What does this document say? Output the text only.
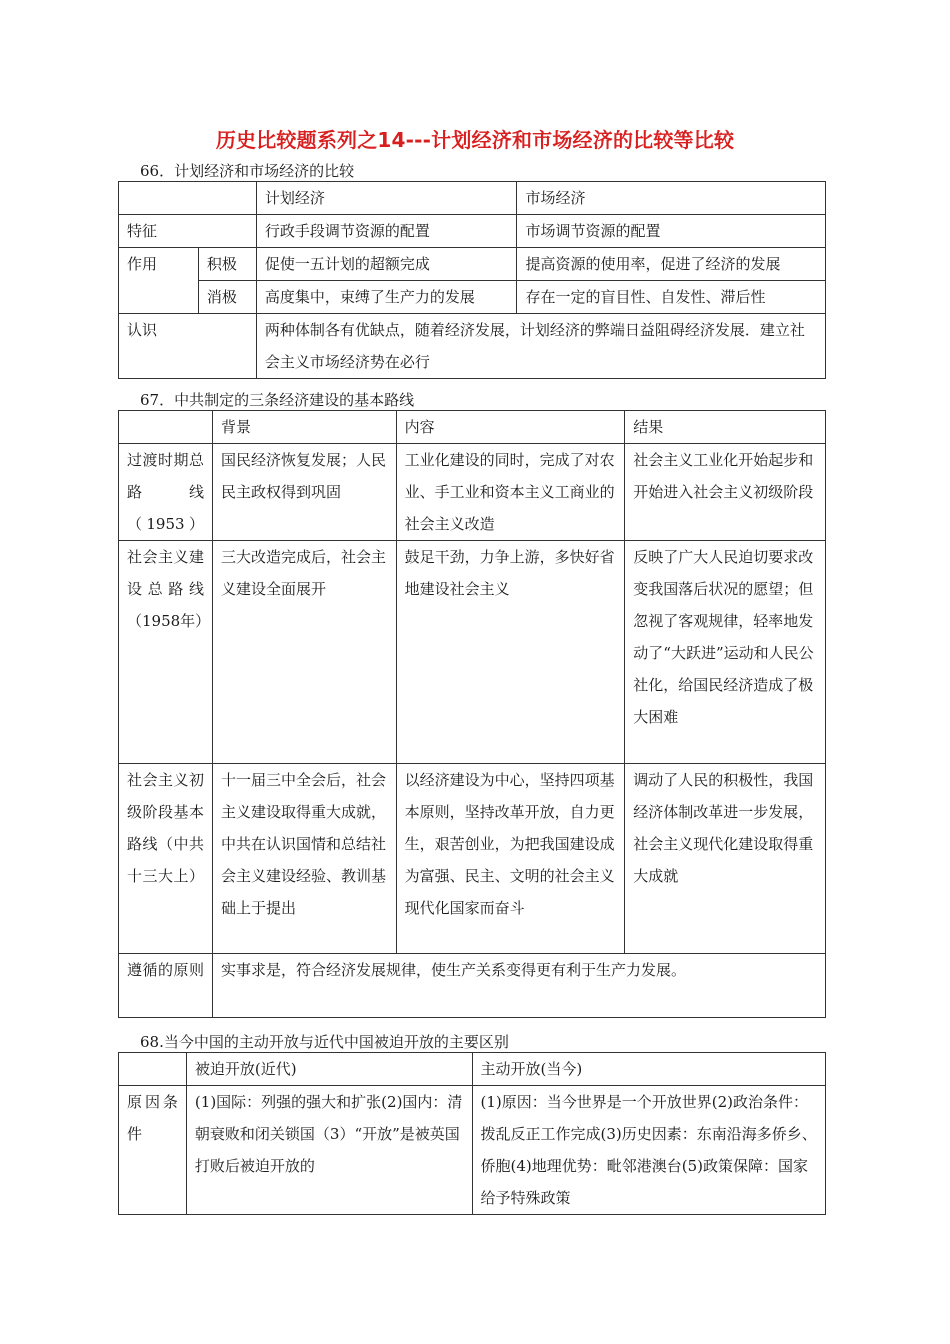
历史比较题系列之14---计划经济和市场经济的比较等比较
66．计划经济和市场经济的比较
		计划经济	市场经济
特征		行政手段调节资源的配置	市场调节资源的配置
作用	积极	促使一五计划的超额完成	提高资源的使用率，促进了经济的发展
	消极	高度集中，束缚了生产力的发展	存在一定的盲目性、自发性、滞后性
认识		两种体制各有优缺点，随着经济发展，计划经济的弊端日益阻碍经济发展．建立社会主义市场经济势在必行	
67．中共制定的三条经济建设的基本路线
	背景	内容	结果
过渡时期总路线（1953）	国民经济恢复发展；人民民主政权得到巩固	工业化建设的同时，完成了对农业、手工业和资本主义工商业的社会主义改造	社会主义工业化开始起步和开始进入社会主义初级阶段
社会主义建设总路线（1958年）	三大改造完成后，社会主义建设全面展开	鼓足干劲，力争上游，多快好省地建设社会主义	反映了广大人民迫切要求改变我国落后状况的愿望；但忽视了客观规律，轻率地发动了“大跃进”运动和人民公社化，给国民经济造成了极大困难
社会主义初级阶段基本路线（中共十三大上）	十一届三中全会后，社会主义建设取得重大成就，中共在认识国情和总结社会主义建设经验、教训基础上于提出	以经济建设为中心，坚持四项基本原则，坚持改革开放，自力更生，艰苦创业，为把我国建设成为富强、民主、文明的社会主义现代化国家而奋斗	调动了人民的积极性，我国经济体制改革进一步发展，社会主义现代化建设取得重大成就
遵循的原则	实事求是，符合经济发展规律，使生产关系变得更有利于生产力发展。		
68.当今中国的主动开放与近代中国被迫开放的主要区别
	被迫开放(近代)	主动开放(当今)
原因条件	(1)国际：列强的强大和扩张(2)国内：清朝衰败和闭关锁国（3）“开放”是被英国打败后被迫开放的	(1)原因：当今世界是一个开放世界(2)政治条件：拨乱反正工作完成(3)历史因素：东南沿海多侨乡、侨胞(4)地理优势：毗邻港澳台(5)政策保障：国家给予特殊政策
